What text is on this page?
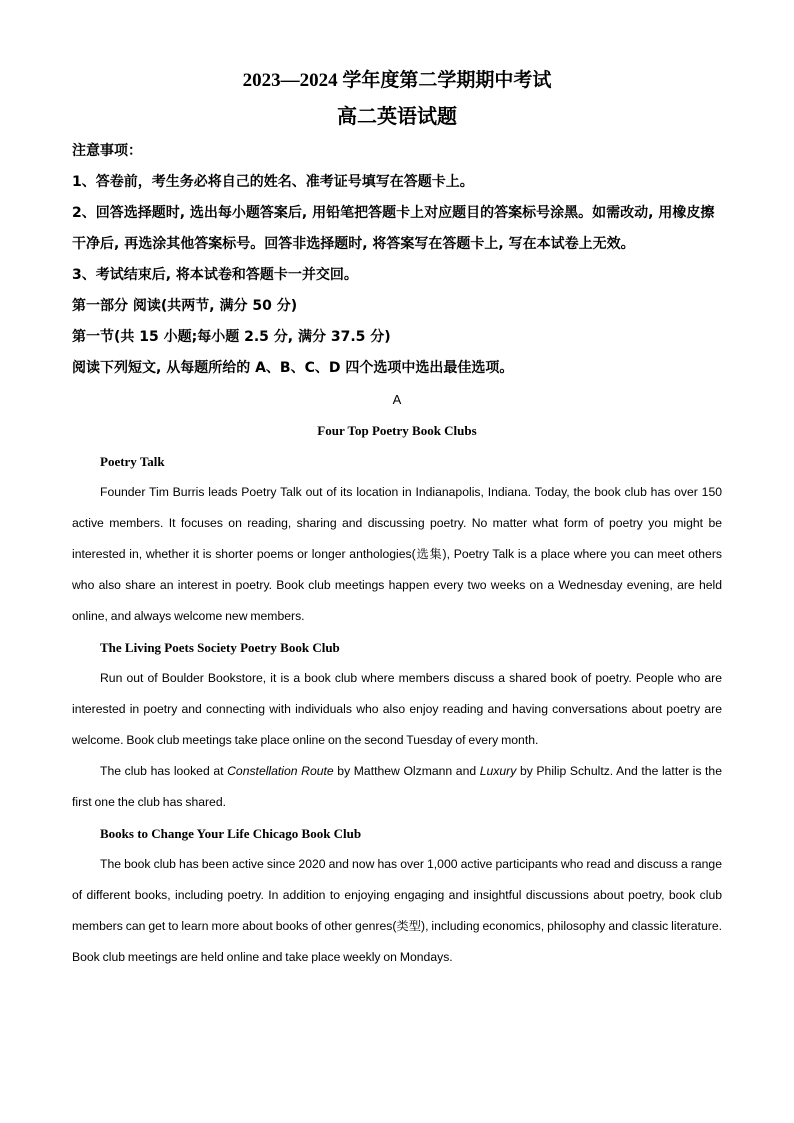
2023—2024 学年度第二学期期中考试
高二英语试题

注意事项：

1、答卷前，考生务必将自己的姓名、准考证号填写在答题卡上。

2、回答选择题时, 选出每小题答案后, 用铅笔把答题卡上对应题目的答案标号涂黑。如需改动, 用橡皮擦干净后, 再选涂其他答案标号。回答非选择题时, 将答案写在答题卡上, 写在本试卷上无效。

3、考试结束后, 将本试卷和答题卡一并交回。

第一部分 阅读(共两节, 满分 50 分)

第一节(共 15 小题;每小题 2.5 分, 满分 37.5 分)

阅读下列短文, 从每题所给的 A、B、C、D 四个选项中选出最佳选项。

A

Four Top Poetry Book Clubs

Poetry Talk

Founder Tim Burris leads Poetry Talk out of its location in Indianapolis, Indiana. Today, the book club has over 150 active members. It focuses on reading, sharing and discussing poetry. No matter what form of poetry you might be interested in, whether it is shorter poems or longer anthologies(选集), Poetry Talk is a place where you can meet others who also share an interest in poetry. Book club meetings happen every two weeks on a Wednesday evening, are held online, and always welcome new members.

The Living Poets Society Poetry Book Club

Run out of Boulder Bookstore, it is a book club where members discuss a shared book of poetry. People who are interested in poetry and connecting with individuals who also enjoy reading and having conversations about poetry are welcome. Book club meetings take place online on the second Tuesday of every month.

The club has looked at Constellation Route by Matthew Olzmann and Luxury by Philip Schultz. And the latter is the first one the club has shared.

Books to Change Your Life Chicago Book Club

The book club has been active since 2020 and now has over 1,000 active participants who read and discuss a range of different books, including poetry. In addition to enjoying engaging and insightful discussions about poetry, book club members can get to learn more about books of other genres(类型), including economics, philosophy and classic literature. Book club meetings are held online and take place weekly on Mondays.
